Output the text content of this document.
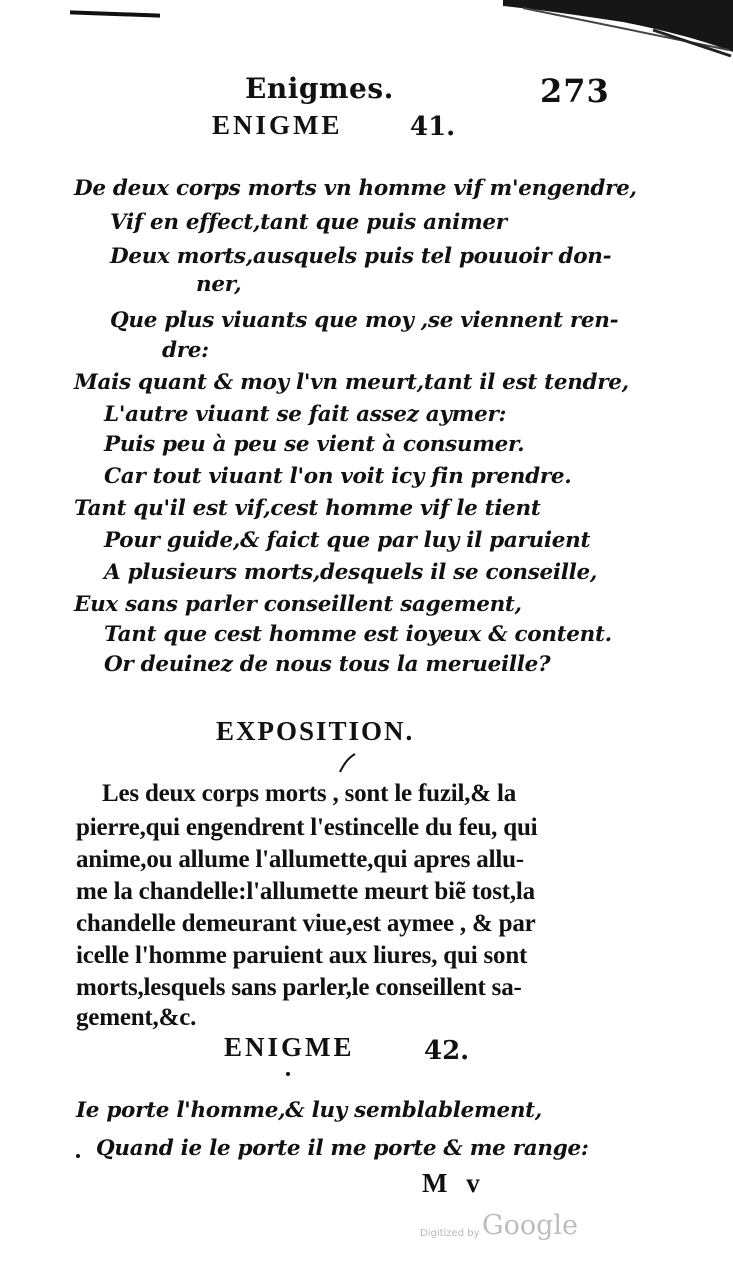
Enigmes.	273
ENIGME	41.
De deux corps morts vn homme vif m'engendre,
Vif en effect,tant que puis animer
Deux morts,ausquels puis tel pouuoir don-
ner,
Que plus viuants que moy ,se viennent ren-
dre:
Mais quant & moy l'vn meurt,tant il est tendre,
L'autre viuant se fait assez aymer:
Puis peu à peu se vient à consumer.
Car tout viuant l'on voit icy fin prendre.
Tant qu'il est vif,cest homme vif le tient
Pour guide,& faict que par luy il paruient
A plusieurs morts,desquels il se conseille,
Eux sans parler conseillent sagement,
Tant que cest homme est ioyeux & content.
Or deuinez de nous tous la merueille?
EXPOSITION.
Les deux corps morts , sont le fuzil,& la
pierre,qui engendrent l'estincelle du feu, qui
anime,ou allume l'allumette,qui apres allu-
me la chandelle:l'allumette meurt biẽ tost,la
chandelle demeurant viue,est aymee , & par
icelle l'homme paruient aux liures, qui sont
morts,lesquels sans parler,le conseillent sa-
gement,&c.
ENIGME	42.
Ie porte l'homme,& luy semblablement,
Quand ie le porte il me porte & me range:
M v
Digitized by Google
